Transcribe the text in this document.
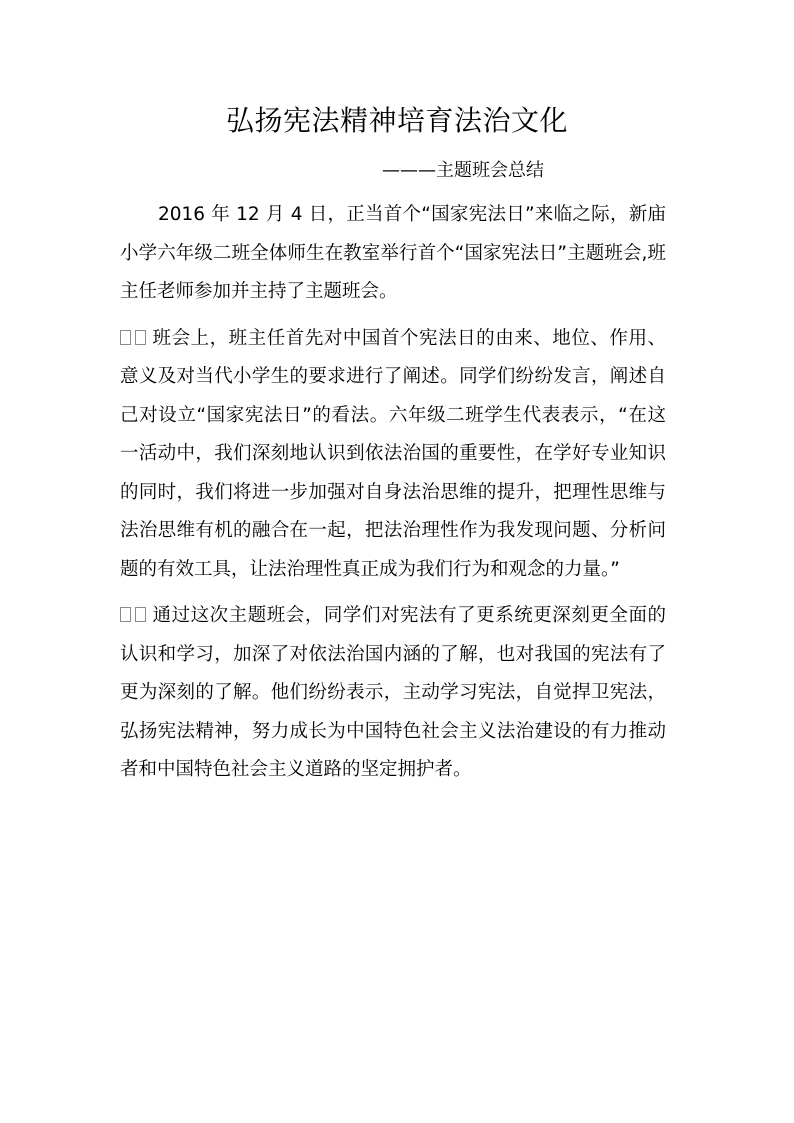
弘扬宪法精神培育法治文化
———主题班会总结

2016 年 12 月 4 日，正当首个“国家宪法日”来临之际，新庙小学六年级二班全体师生在教室举行首个“国家宪法日”主题班会,班主任老师参加并主持了主题班会。

班会上，班主任首先对中国首个宪法日的由来、地位、作用、意义及对当代小学生的要求进行了阐述。同学们纷纷发言，阐述自己对设立“国家宪法日”的看法。六年级二班学生代表表示，“在这一活动中，我们深刻地认识到依法治国的重要性，在学好专业知识的同时，我们将进一步加强对自身法治思维的提升，把理性思维与法治思维有机的融合在一起，把法治理性作为我发现问题、分析问题的有效工具，让法治理性真正成为我们行为和观念的力量。”

通过这次主题班会，同学们对宪法有了更系统更深刻更全面的认识和学习，加深了对依法治国内涵的了解，也对我国的宪法有了更为深刻的了解。他们纷纷表示，主动学习宪法，自觉捍卫宪法，弘扬宪法精神，努力成长为中国特色社会主义法治建设的有力推动者和中国特色社会主义道路的坚定拥护者。
